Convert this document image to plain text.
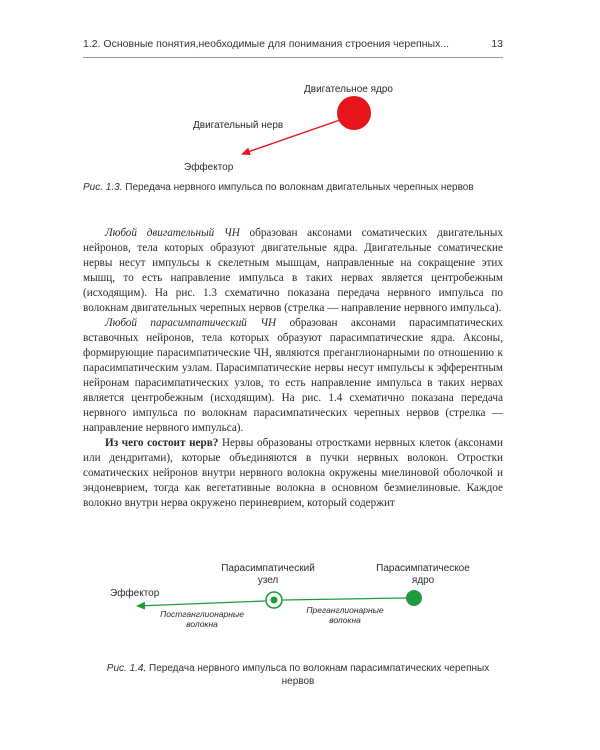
1.2. Основные понятия,необходимые для понимания строения черепных...	13
Двигательное ядро
Двигательный нерв
Эффектор
Рис. 1.3. Передача нервного импульса по волокнам двигательных черепных нервов

Любой двигательный ЧН образован аксонами соматических двигательных нейронов, тела которых образуют двигательные ядра. Двигательные соматические нервы несут импульсы к скелетным мышцам, направленные на сокращение этих мышц, то есть направление импульса в таких нервах является центробежным (исходящим). На рис. 1.3 схематично показана передача нервного импульса по волокнам двигательных черепных нервов (стрелка — направление нервного импульса).

Любой парасимпатический ЧН образован аксонами парасимпатических вставочных нейронов, тела которых образуют парасимпатические ядра. Аксоны, формирующие парасимпатические ЧН, являются преганглионарными по отношению к парасимпатическим узлам. Парасимпатические нервы несут импульсы к эфферентным нейронам парасимпатических узлов, то есть направление импульса в таких нервах является центробежным (исходящим). На рис. 1.4 схематично показана передача нервного импульса по волокнам парасимпатических черепных нервов (стрелка — направление нервного импульса).

Из чего состоит нерв? Нервы образованы отростками нервных клеток (аксонами или дендритами), которые объединяются в пучки нервных волокон. Отростки соматических нейронов внутри нервного волокна окружены миелиновой оболочкой и эндоневрием, тогда как вегетативные волокна в основном безмиелиновые. Каждое волокно внутри нерва окружено периневрием, который содержит

Парасимпатический
узел
Парасимпатическое
ядро
Эффектор
Постганглионарные
волокна
Преганглионарные
волокна
Рис. 1.4. Передача нервного импульса по волокнам парасимпатических черепных
нервов
